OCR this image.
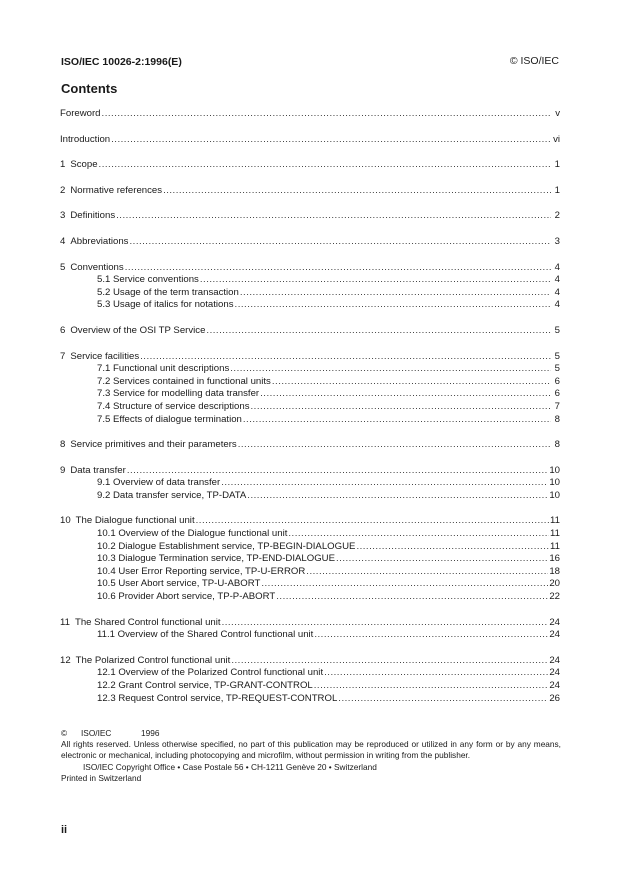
ISO/IEC 10026-2:1996(E)	© ISO/IEC
Contents
Foreword .....	v
Introduction .....	vi
1 Scope .....	1
2 Normative references .....	1
3 Definitions .....	2
4 Abbreviations .....	3
5 Conventions .....	4
5.1 Service conventions .....	4
5.2 Usage of the term transaction .....	4
5.3 Usage of italics for notations .....	4
6 Overview of the OSI TP Service .....	5
7 Service facilities .....	5
7.1 Functional unit descriptions .....	5
7.2 Services contained in functional units .....	6
7.3 Service for modelling data transfer .....	6
7.4 Structure of service descriptions .....	7
7.5 Effects of dialogue termination .....	8
8 Service primitives and their parameters .....	8
9 Data transfer .....	10
9.1 Overview of data transfer .....	10
9.2 Data transfer service, TP-DATA .....	10
10 The Dialogue functional unit .....	11
10.1 Overview of the Dialogue functional unit .....	11
10.2 Dialogue Establishment service, TP-BEGIN-DIALOGUE .....	11
10.3 Dialogue Termination service, TP-END-DIALOGUE .....	16
10.4 User Error Reporting service, TP-U-ERROR .....	18
10.5 User Abort service, TP-U-ABORT .....	20
10.6 Provider Abort service, TP-P-ABORT .....	22
11 The Shared Control functional unit .....	24
11.1 Overview of the Shared Control functional unit .....	24
12 The Polarized Control functional unit .....	24
12.1 Overview of the Polarized Control functional unit .....	24
12.2 Grant Control service, TP-GRANT-CONTROL .....	24
12.3 Request Control service, TP-REQUEST-CONTROL .....	26
© ISO/IEC	1996
All rights reserved. Unless otherwise specified, no part of this publication may be reproduced or utilized in any form or by any means, electronic or mechanical, including photocopying and microfilm, without permission in writing from the publisher.
ISO/IEC Copyright Office • Case Postale 56 • CH-1211 Genève 20 • Switzerland
Printed in Switzerland
ii
